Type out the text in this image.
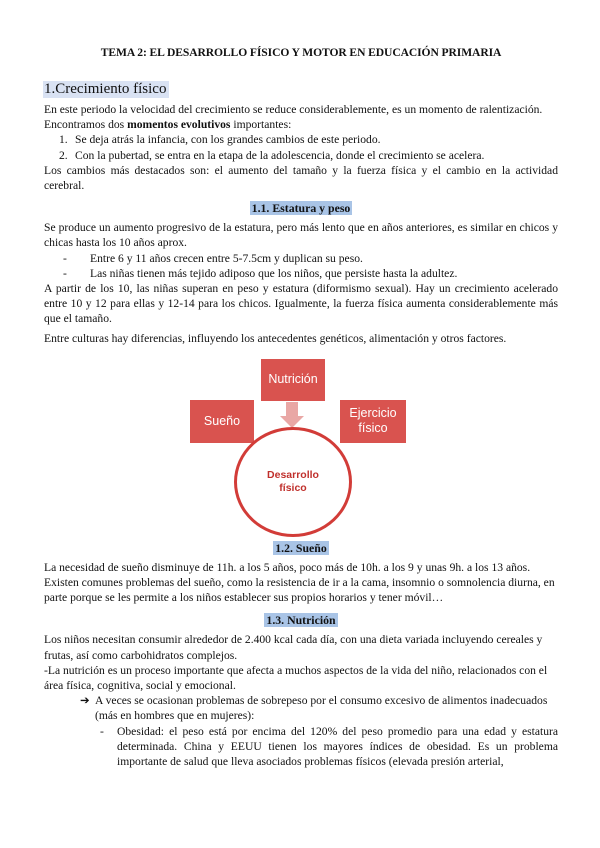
TEMA 2: EL DESARROLLO FÍSICO Y MOTOR EN EDUCACIÓN PRIMARIA
1.Crecimiento físico

En este periodo la velocidad del crecimiento se reduce considerablemente, es un momento de ralentización.

Encontramos dos momentos evolutivos importantes:

1. Se deja atrás la infancia, con los grandes cambios de este periodo.
2. Con la pubertad, se entra en la etapa de la adolescencia, donde el crecimiento se acelera.

Los cambios más destacados son: el aumento del tamaño y la fuerza física y el cambio en la actividad cerebral.

1.1. Estatura y peso

Se produce un aumento progresivo de la estatura, pero más lento que en años anteriores, es similar en chicos y chicas hasta los 10 años aprox.

- Entre 6 y 11 años crecen entre 5-7.5cm y duplican su peso.
- Las niñas tienen más tejido adiposo que los niños, que persiste hasta la adultez.

A partir de los 10, las niñas superan en peso y estatura (diformismo sexual). Hay un crecimiento acelerado entre 10 y 12 para ellas y 12-14 para los chicos. Igualmente, la fuerza física aumenta considerablemente más que el tamaño.

Entre culturas hay diferencias, influyendo los antecedentes genéticos, alimentación y otros factores.

Nutrición
Sueño
Ejercicio
físico
Desarrollo
físico
1.2. Sueño

La necesidad de sueño disminuye de 11h. a los 5 años, poco más de 10h. a los 9 y unas 9h. a los 13 años. Existen comunes problemas del sueño, como la resistencia de ir a la cama, insomnio o somnolencia diurna, en parte porque se les permite a los niños establecer sus propios horarios y tener móvil…

1.3. Nutrición

Los niños necesitan consumir alrededor de 2.400 kcal cada día, con una dieta variada incluyendo cereales y frutas, así como carbohidratos complejos.

-La nutrición es un proceso importante que afecta a muchos aspectos de la vida del niño, relacionados con el área física, cognitiva, social y emocional.

➔ A veces se ocasionan problemas de sobrepeso por el consumo excesivo de alimentos inadecuados (más en hombres que en mujeres):
- Obesidad: el peso está por encima del 120% del peso promedio para una edad y estatura determinada. China y EEUU tienen los mayores índices de obesidad. Es un problema importante de salud que lleva asociados problemas físicos (elevada presión arterial,
